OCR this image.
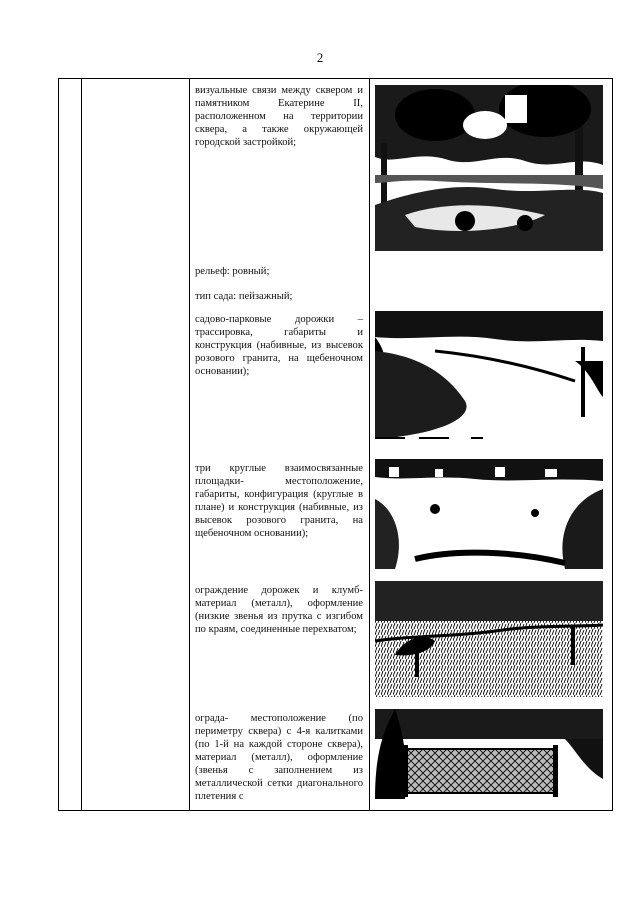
2
визуальные связи между сквером и памятником Екатерине II, расположенном на территории сквера, а также окружающей городской застройкой;
рельеф: ровный;
тип сада: пейзажный;
садово-парковые дорожки – трассировка, габариты и конструкция (набивные, из высевок розового гранита, на щебеночном основании);
три круглые взаимосвязанные площадки- местоположение, габариты, конфигурация (круглые в плане) и конструкция (набивные, из высевок розового гранита, на щебеночном основании);
ограждение дорожек и клумб- материал (металл), оформление (низкие звенья из прутка с изгибом по краям, соединенные перехватом;
ограда- местоположение (по периметру сквера) с 4-я калитками (по 1-й на каждой стороне сквера), материал (металл), оформление (звенья с заполнением из металлической сетки диагонального плетения с
